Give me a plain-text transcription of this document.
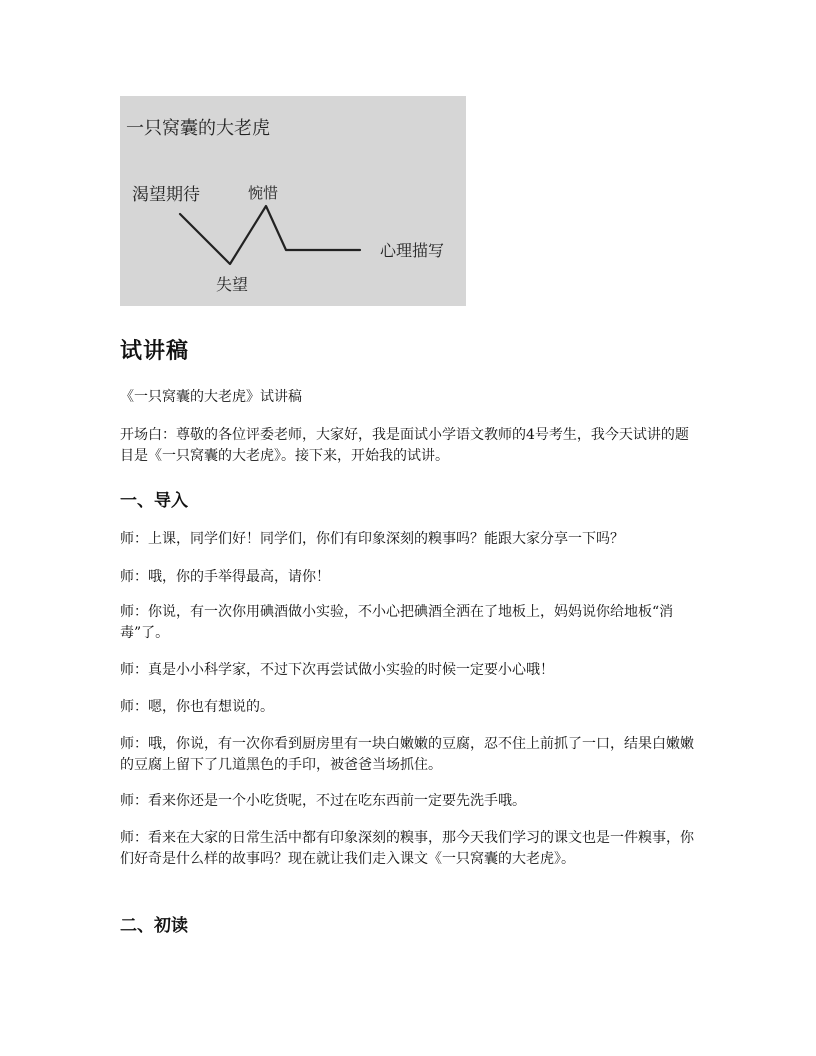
一只窝囊的大老虎
渴望期待	惋惜
失望
心理描写
试讲稿

《一只窝囊的大老虎》试讲稿

开场白：尊敬的各位评委老师，大家好，我是面试小学语文教师的4号考生，我今天试讲的题目是《一只窝囊的大老虎》。接下来，开始我的试讲。

一、导入

师：上课，同学们好！同学们，你们有印象深刻的糗事吗？能跟大家分享一下吗？

师：哦，你的手举得最高，请你！

师：你说，有一次你用碘酒做小实验，不小心把碘酒全洒在了地板上，妈妈说你给地板“消毒”了。

师：真是小小科学家，不过下次再尝试做小实验的时候一定要小心哦！

师：嗯，你也有想说的。

师：哦，你说，有一次你看到厨房里有一块白嫩嫩的豆腐，忍不住上前抓了一口，结果白嫩嫩的豆腐上留下了几道黑色的手印，被爸爸当场抓住。

师：看来你还是一个小吃货呢，不过在吃东西前一定要先洗手哦。

师：看来在大家的日常生活中都有印象深刻的糗事，那今天我们学习的课文也是一件糗事，你们好奇是什么样的故事吗？现在就让我们走入课文《一只窝囊的大老虎》。

二、初读
